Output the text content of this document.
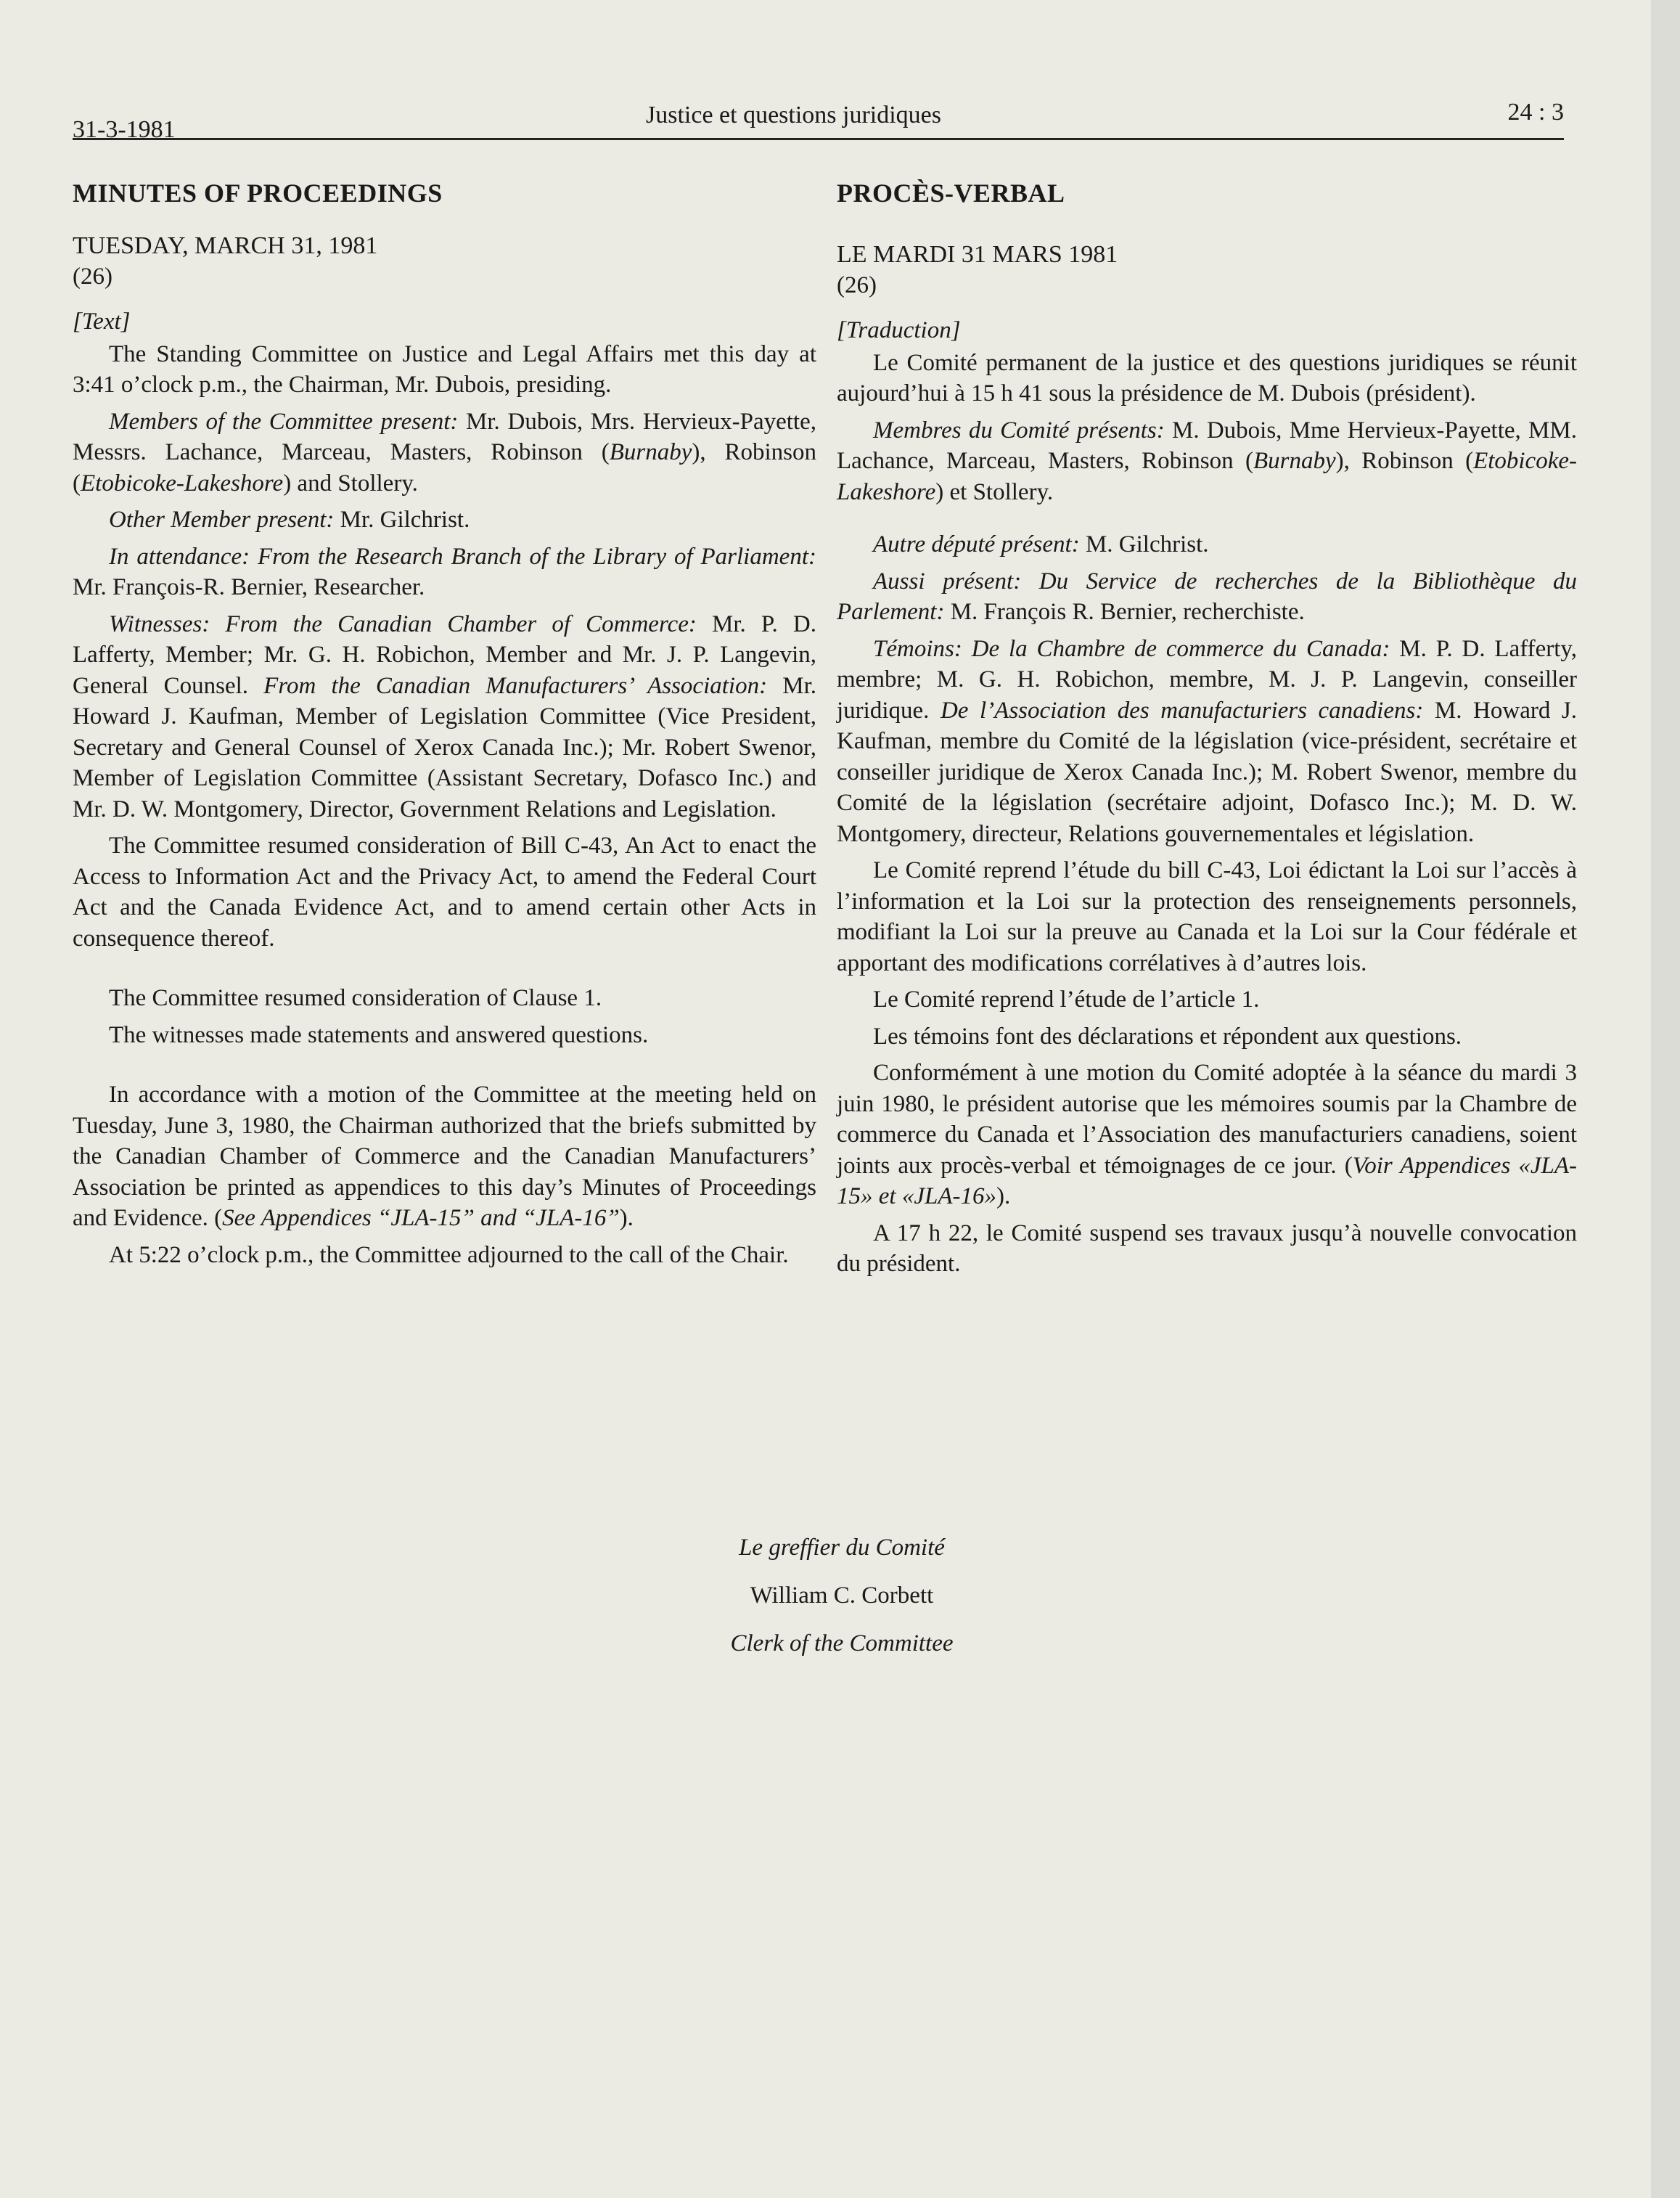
31-3-1981
Justice et questions juridiques	24 : 3
MINUTES OF PROCEEDINGS
TUESDAY, MARCH 31, 1981
(26)
[Text]

The Standing Committee on Justice and Legal Affairs met this day at 3:41 o’clock p.m., the Chairman, Mr. Dubois, presiding.

Members of the Committee present: Mr. Dubois, Mrs. Hervieux-Payette, Messrs. Lachance, Marceau, Masters, Robinson (Burnaby), Robinson (Etobicoke-Lakeshore) and Stollery.

Other Member present: Mr. Gilchrist.

In attendance: From the Research Branch of the Library of Parliament: Mr. François-R. Bernier, Researcher.

Witnesses: From the Canadian Chamber of Commerce: Mr. P. D. Lafferty, Member; Mr. G. H. Robichon, Member and Mr. J. P. Langevin, General Counsel. From the Canadian Manufacturers’ Association: Mr. Howard J. Kaufman, Member of Legislation Committee (Vice President, Secretary and General Counsel of Xerox Canada Inc.); Mr. Robert Swenor, Member of Legislation Committee (Assistant Secretary, Dofasco Inc.) and Mr. D. W. Montgomery, Director, Government Relations and Legislation.

The Committee resumed consideration of Bill C-43, An Act to enact the Access to Information Act and the Privacy Act, to amend the Federal Court Act and the Canada Evidence Act, and to amend certain other Acts in consequence thereof.

The Committee resumed consideration of Clause 1.

The witnesses made statements and answered questions.

In accordance with a motion of the Committee at the meeting held on Tuesday, June 3, 1980, the Chairman authorized that the briefs submitted by the Canadian Chamber of Commerce and the Canadian Manufacturers’ Association be printed as appendices to this day’s Minutes of Proceedings and Evidence. (See Appendices “JLA-15” and “JLA-16”).

At 5:22 o’clock p.m., the Committee adjourned to the call of the Chair.

PROCÈS-VERBAL
LE MARDI 31 MARS 1981
(26)
[Traduction]

Le Comité permanent de la justice et des questions juridiques se réunit aujourd’hui à 15 h 41 sous la présidence de M. Dubois (président).

Membres du Comité présents: M. Dubois, Mme Hervieux-Payette, MM. Lachance, Marceau, Masters, Robinson (Burnaby), Robinson (Etobicoke-Lakeshore) et Stollery.

Autre député présent: M. Gilchrist.

Aussi présent: Du Service de recherches de la Bibliothèque du Parlement: M. François R. Bernier, recherchiste.

Témoins: De la Chambre de commerce du Canada: M. P. D. Lafferty, membre; M. G. H. Robichon, membre, M. J. P. Langevin, conseiller juridique. De l’Association des manufacturiers canadiens: M. Howard J. Kaufman, membre du Comité de la législation (vice-président, secrétaire et conseiller juridique de Xerox Canada Inc.); M. Robert Swenor, membre du Comité de la législation (secrétaire adjoint, Dofasco Inc.); M. D. W. Montgomery, directeur, Relations gouvernementales et législation.

Le Comité reprend l’étude du bill C-43, Loi édictant la Loi sur l’accès à l’information et la Loi sur la protection des renseignements personnels, modifiant la Loi sur la preuve au Canada et la Loi sur la Cour fédérale et apportant des modifications corrélatives à d’autres lois.

Le Comité reprend l’étude de l’article 1.

Les témoins font des déclarations et répondent aux questions.

Conformément à une motion du Comité adoptée à la séance du mardi 3 juin 1980, le président autorise que les mémoires soumis par la Chambre de commerce du Canada et l’Association des manufacturiers canadiens, soient joints aux procès-verbal et témoignages de ce jour. (Voir Appendices «JLA-15» et «JLA-16»).

A 17 h 22, le Comité suspend ses travaux jusqu’à nouvelle convocation du président.

Le greffier du Comité
William C. Corbett
Clerk of the Committee
